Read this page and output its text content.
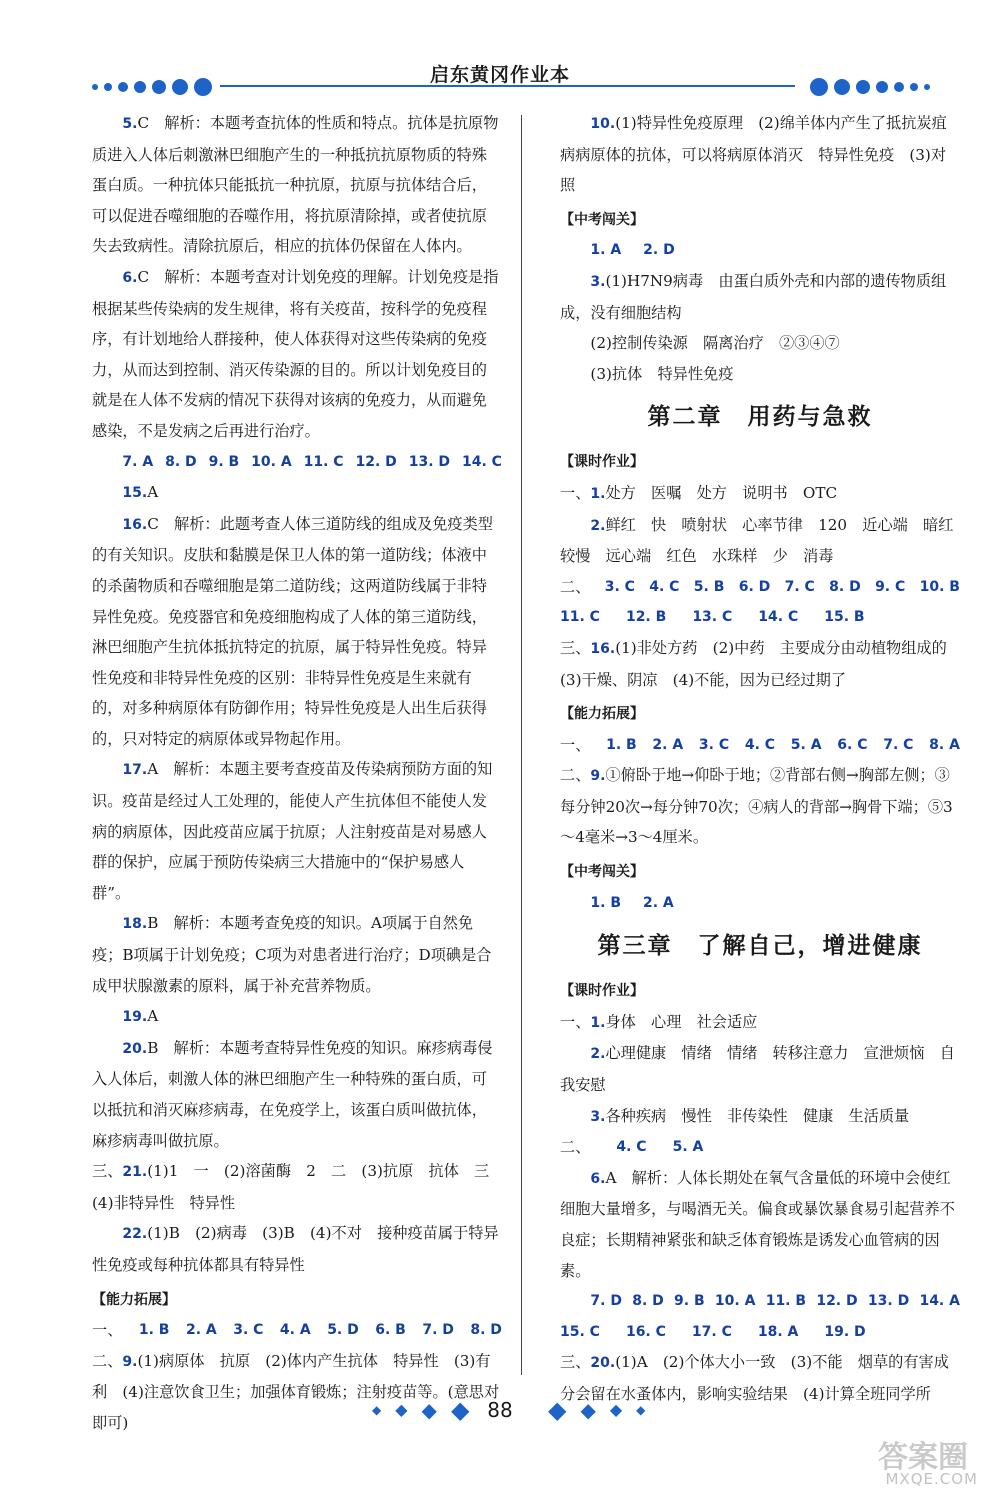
启东黄冈作业本

5.C　解析：本题考查抗体的性质和特点。抗体是抗原物质进入人体后刺激淋巴细胞产生的一种抵抗抗原物质的特殊蛋白质。一种抗体只能抵抗一种抗原，抗原与抗体结合后，可以促进吞噬细胞的吞噬作用，将抗原清除掉，或者使抗原失去致病性。清除抗原后，相应的抗体仍保留在人体内。

6.C　解析：本题考查对计划免疫的理解。计划免疫是指根据某些传染病的发生规律，将有关疫苗，按科学的免疫程序，有计划地给人群接种，使人体获得对这些传染病的免疫力，从而达到控制、消灭传染源的目的。所以计划免疫目的就是在人体不发病的情况下获得对该病的免疫力，从而避免感染，不是发病之后再进行治疗。

7. A 8. D 9. B 10. A 11. C 12. D 13. D 14. C

15.A

16.C　解析：此题考查人体三道防线的组成及免疫类型的有关知识。皮肤和黏膜是保卫人体的第一道防线；体液中的杀菌物质和吞噬细胞是第二道防线；这两道防线属于非特异性免疫。免疫器官和免疫细胞构成了人体的第三道防线，淋巴细胞产生抗体抵抗特定的抗原，属于特异性免疫。特异性免疫和非特异性免疫的区别：非特异性免疫是生来就有的，对多种病原体有防御作用；特异性免疫是人出生后获得的，只对特定的病原体或异物起作用。

17.A　解析：本题主要考查疫苗及传染病预防方面的知识。疫苗是经过人工处理的，能使人产生抗体但不能使人发病的病原体，因此疫苗应属于抗原；人注射疫苗是对易感人群的保护，应属于预防传染病三大措施中的“保护易感人群”。

18.B　解析：本题考查免疫的知识。A项属于自然免疫；B项属于计划免疫；C项为对患者进行治疗；D项碘是合成甲状腺激素的原料，属于补充营养物质。

19.A

20.B　解析：本题考查特异性免疫的知识。麻疹病毒侵入人体后，刺激人体的淋巴细胞产生一种特殊的蛋白质，可以抵抗和消灭麻疹病毒，在免疫学上，该蛋白质叫做抗体，麻疹病毒叫做抗原。

三、21.(1)1　一　(2)溶菌酶　2　二　(3)抗原　抗体　三　(4)非特异性　特异性

22.(1)B　(2)病毒　(3)B　(4)不对　接种疫苗属于特异性免疫或每种抗体都具有特异性

【能力拓展】
一、 1. B 2. A 3. C 4. A 5. D 6. B 7. D 8. D

二、9.(1)病原体　抗原　(2)体内产生抗体　特异性　(3)有利　(4)注意饮食卫生；加强体育锻炼；注射疫苗等。(意思对即可)

10.(1)特异性免疫原理　(2)绵羊体内产生了抵抗炭疽病病原体的抗体，可以将病原体消灭　特异性免疫　(3)对照

【中考闯关】
1. A 2. D

3.(1)H7N9病毒　由蛋白质外壳和内部的遗传物质组成，没有细胞结构

(2)控制传染源　隔离治疗　②③④⑦

(3)抗体　特异性免疫

第二章　用药与急救
【课时作业】

一、1.处方　医嘱　处方　说明书　OTC

2.鲜红　快　喷射状　心率节律　120　近心端　暗红　较慢　远心端　红色　水珠样　少　消毒

二、 3. C 4. C 5. B 6. D 7. C 8. D 9. C 10. B
11. C 12. B 13. C 14. C 15. B

三、16.(1)非处方药　(2)中药　主要成分由动植物组成的　(3)干燥、阴凉　(4)不能，因为已经过期了

【能力拓展】
一、 1. B 2. A 3. C 4. C 5. A 6. C 7. C 8. A

二、9.①俯卧于地→仰卧于地；②背部右侧→胸部左侧；③每分钟20次→每分钟70次；④病人的背部→胸骨下端；⑤3～4毫米→3～4厘米。

【中考闯关】
1. B 2. A
第三章　了解自己，增进健康
【课时作业】

一、1.身体　心理　社会适应

2.心理健康　情绪　情绪　转移注意力　宣泄烦恼　自我安慰

3.各种疾病　慢性　非传染性　健康　生活质量

二、 4. C 5. A

6.A　解析：人体长期处在氧气含量低的环境中会使红细胞大量增多，与喝酒无关。偏食或暴饮暴食易引起营养不良症；长期精神紧张和缺乏体育锻炼是诱发心血管病的因素。

7. D 8. D 9. B 10. A 11. B 12. D 13. D 14. A
15. C 16. C 17. C 18. A 19. D

三、20.(1)A　(2)个体大小一致　(3)不能　烟草的有害成分会留在水蚤体内，影响实验结果　(4)计算全班同学所

◆ ◆ ◆ ◆ 88	◆ ◆ ◆ ◆
答案圈
MXQE.COM
